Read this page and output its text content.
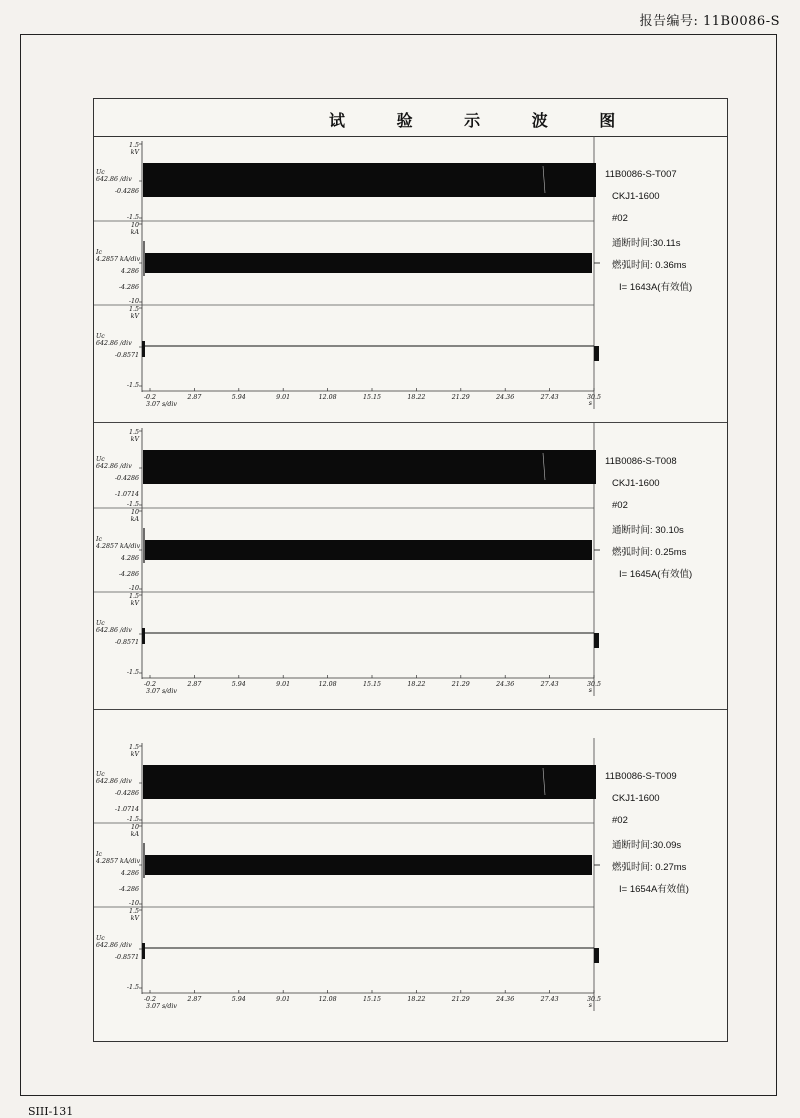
报告编号: 11B0086-S
试 验 示 波 图
1.5
kV
Uc
642.86 /div
-0.4286
-1.5
10
kA
Ic
4.2857 kA/div
4.286
-4.286
-10
1.5
kV
Uc
642.86 /div
-0.8571
-1.5
-0.2	2.87	5.94	9.01	12.08	15.15	18.22	21.29	24.36	27.43	30.5
3.07 s/div	s
11B0086-S-T007
CKJ1-1600
#02
通断时间:30.11s
燃弧时间: 0.36ms
I= 1643A(有效值)
1.5
kV
Uc
642.86 /div
-0.4286
-1.0714
-1.5
10
kA
Ic
4.2857 kA/div
4.286
-4.286
-10
1.5
kV
Uc
642.86 /div
-0.8571
-1.5
-0.2	2.87	5.94	9.01	12.08	15.15	18.22	21.29	24.36	27.43	30.5
3.07 s/div	s
11B0086-S-T008
CKJ1-1600
#02
通断时间: 30.10s
燃弧时间: 0.25ms
I= 1645A(有效值)
1.5
kV
Uc
642.86 /div
-0.4286
-1.0714
-1.5
10
kA
Ic
4.2857 kA/div
4.286
-4.286
-10
1.5
kV
Uc
642.86 /div
-0.8571
-1.5
-0.2	2.87	5.94	9.01	12.08	15.15	18.22	21.29	24.36	27.43	30.5
3.07 s/div	s
11B0086-S-T009
CKJ1-1600
#02
通断时间:30.09s
燃弧时间: 0.27ms
I= 1654A有效值)
SIII-131
